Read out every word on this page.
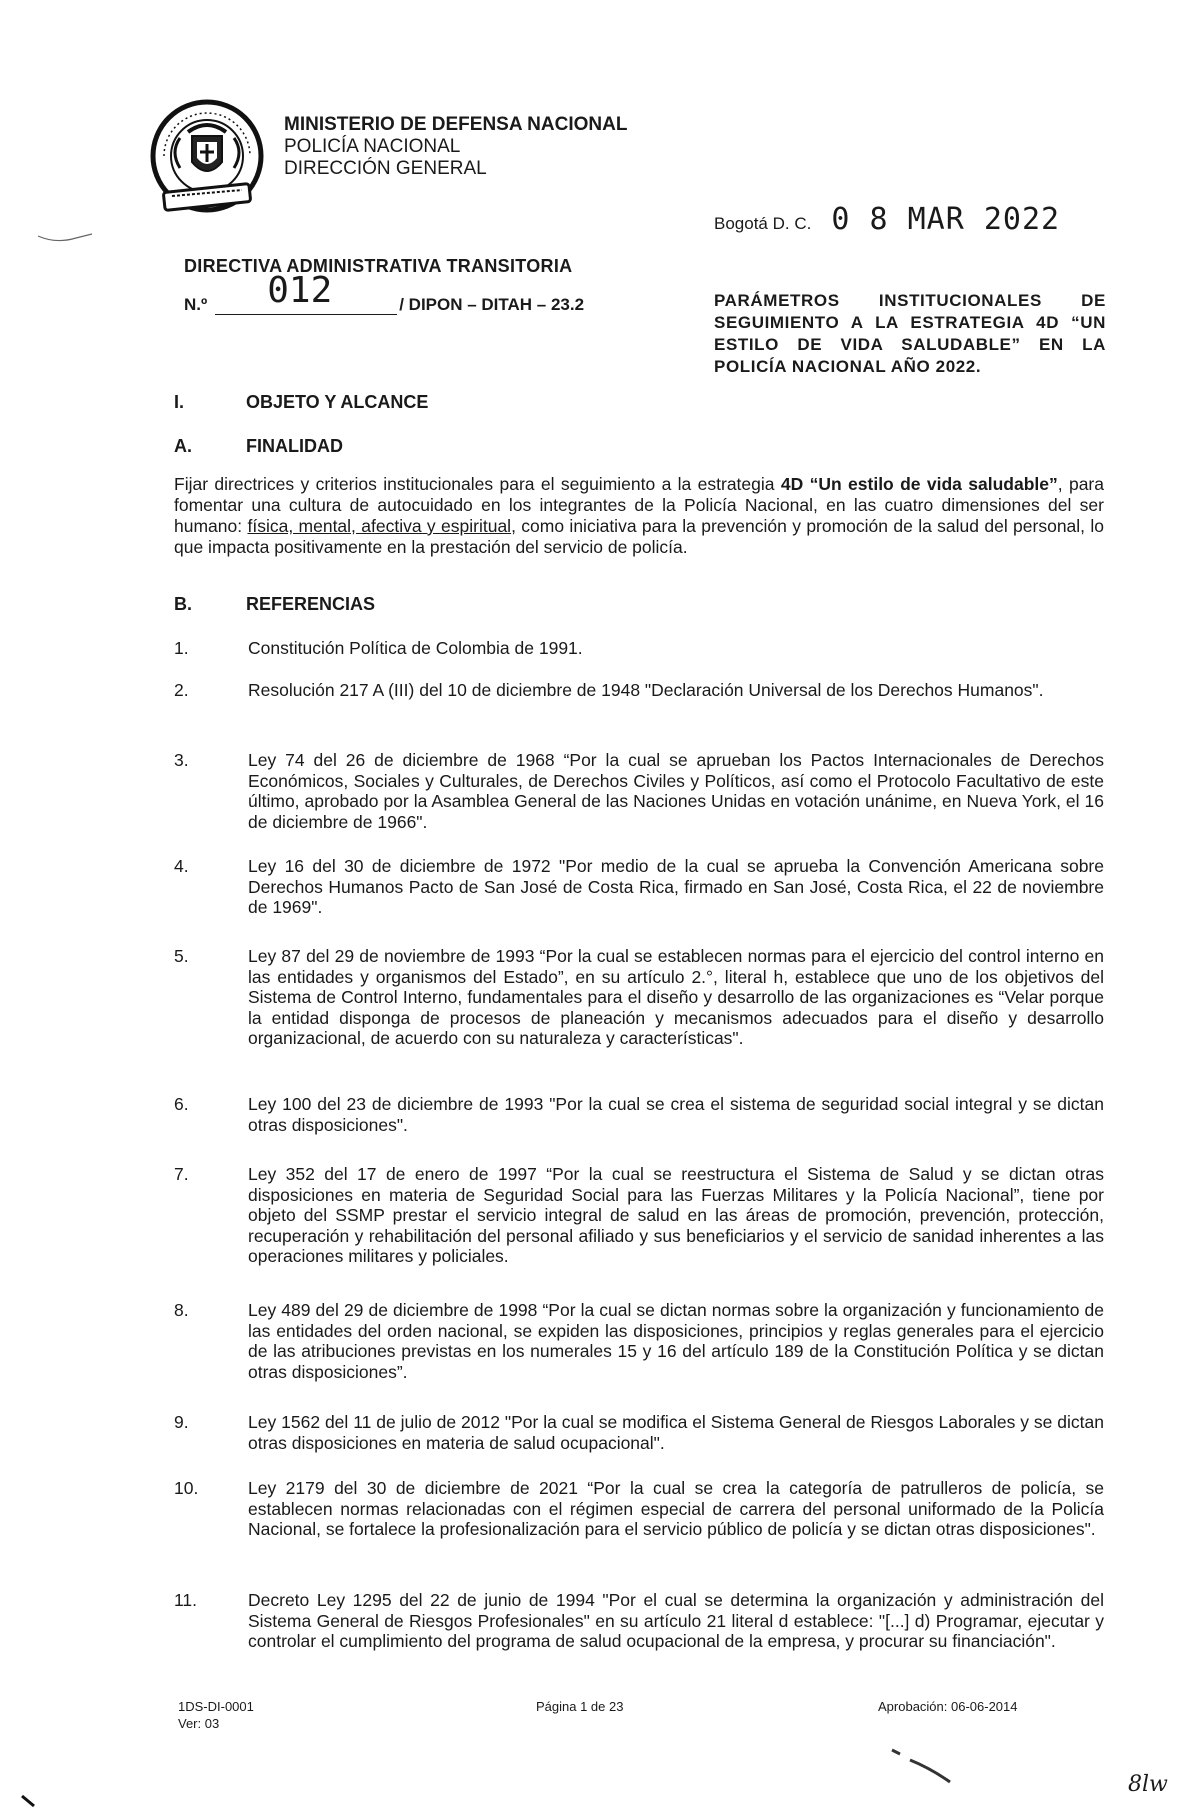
MINISTERIO DE DEFENSA NACIONAL
POLICÍA NACIONAL
DIRECCIÓN GENERAL
Bogotá D. C. 0 8 MAR 2022
DIRECTIVA ADMINISTRATIVA TRANSITORIA
N.º 012	/ DIPON – DITAH – 23.2	PARÁMETROS INSTITUCIONALES DE SEGUIMIENTO A LA ESTRATEGIA 4D “UN ESTILO DE VIDA SALUDABLE” EN LA POLICÍA NACIONAL AÑO 2022.
I.	OBJETO Y ALCANCE
A.	FINALIDAD
Fijar directrices y criterios institucionales para el seguimiento a la estrategia 4D “Un estilo de vida saludable”, para fomentar una cultura de autocuidado en los integrantes de la Policía Nacional, en las cuatro dimensiones del ser humano: física, mental, afectiva y espiritual, como iniciativa para la prevención y promoción de la salud del personal, lo que impacta positivamente en la prestación del servicio de policía.
B.	REFERENCIAS
1.	Constitución Política de Colombia de 1991.
2.	Resolución 217 A (III) del 10 de diciembre de 1948 "Declaración Universal de los Derechos Humanos".
3.	Ley 74 del 26 de diciembre de 1968 “Por la cual se aprueban los Pactos Internacionales de Derechos Económicos, Sociales y Culturales, de Derechos Civiles y Políticos, así como el Protocolo Facultativo de este último, aprobado por la Asamblea General de las Naciones Unidas en votación unánime, en Nueva York, el 16 de diciembre de 1966".
4.	Ley 16 del 30 de diciembre de 1972 "Por medio de la cual se aprueba la Convención Americana sobre Derechos Humanos Pacto de San José de Costa Rica, firmado en San José, Costa Rica, el 22 de noviembre de 1969".
5.	Ley 87 del 29 de noviembre de 1993 “Por la cual se establecen normas para el ejercicio del control interno en las entidades y organismos del Estado”, en su artículo 2.°, literal h, establece que uno de los objetivos del Sistema de Control Interno, fundamentales para el diseño y desarrollo de las organizaciones es “Velar porque la entidad disponga de procesos de planeación y mecanismos adecuados para el diseño y desarrollo organizacional, de acuerdo con su naturaleza y características".
6.	Ley 100 del 23 de diciembre de 1993 "Por la cual se crea el sistema de seguridad social integral y se dictan otras disposiciones".
7.	Ley 352 del 17 de enero de 1997 “Por la cual se reestructura el Sistema de Salud y se dictan otras disposiciones en materia de Seguridad Social para las Fuerzas Militares y la Policía Nacional”, tiene por objeto del SSMP prestar el servicio integral de salud en las áreas de promoción, prevención, protección, recuperación y rehabilitación del personal afiliado y sus beneficiarios y el servicio de sanidad inherentes a las operaciones militares y policiales.
8.	Ley 489 del 29 de diciembre de 1998 “Por la cual se dictan normas sobre la organización y funcionamiento de las entidades del orden nacional, se expiden las disposiciones, principios y reglas generales para el ejercicio de las atribuciones previstas en los numerales 15 y 16 del artículo 189 de la Constitución Política y se dictan otras disposiciones”.
9.	Ley 1562 del 11 de julio de 2012 "Por la cual se modifica el Sistema General de Riesgos Laborales y se dictan otras disposiciones en materia de salud ocupacional".
10.	Ley 2179 del 30 de diciembre de 2021 “Por la cual se crea la categoría de patrulleros de policía, se establecen normas relacionadas con el régimen especial de carrera del personal uniformado de la Policía Nacional, se fortalece la profesionalización para el servicio público de policía y se dictan otras disposiciones".
11.	Decreto Ley 1295 del 22 de junio de 1994 "Por el cual se determina la organización y administración del Sistema General de Riesgos Profesionales" en su artículo 21 literal d establece: "[...] d) Programar, ejecutar y controlar el cumplimiento del programa de salud ocupacional de la empresa, y procurar su financiación".
1DS-DI-0001
Ver: 03
Página 1 de 23	Aprobación: 06-06-2014
8lw
